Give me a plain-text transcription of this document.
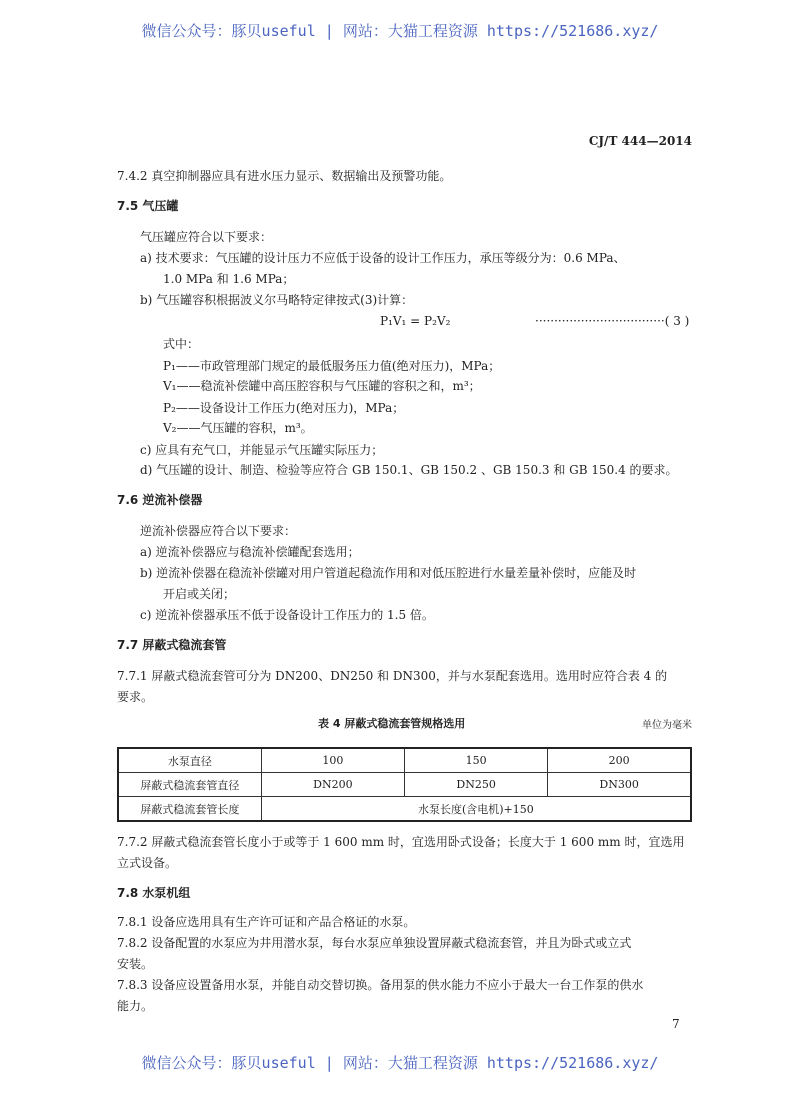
微信公众号：豚贝useful | 网站：大猫工程资源 https://521686.xyz/
CJ/T 444—2014
7.4.2 真空抑制器应具有进水压力显示、数据输出及预警功能。
7.5 气压罐
气压罐应符合以下要求：
a) 技术要求：气压罐的设计压力不应低于设备的设计工作压力，承压等级分为：0.6 MPa、
1.0 MPa 和 1.6 MPa；
b) 气压罐容积根据波义尔马略特定律按式(3)计算：
P₁V₁ = P₂V₂	··································( 3 )
式中：
P₁——市政管理部门规定的最低服务压力值(绝对压力)，MPa；
V₁——稳流补偿罐中高压腔容积与气压罐的容积之和，m³；
P₂——设备设计工作压力(绝对压力)，MPa；
V₂——气压罐的容积，m³。
c) 应具有充气口，并能显示气压罐实际压力；
d) 气压罐的设计、制造、检验等应符合 GB 150.1、GB 150.2 、GB 150.3 和 GB 150.4 的要求。
7.6 逆流补偿器
逆流补偿器应符合以下要求：
a) 逆流补偿器应与稳流补偿罐配套选用；
b) 逆流补偿器在稳流补偿罐对用户管道起稳流作用和对低压腔进行水量差量补偿时，应能及时
开启或关闭；
c) 逆流补偿器承压不低于设备设计工作压力的 1.5 倍。
7.7 屏蔽式稳流套管
7.7.1 屏蔽式稳流套管可分为 DN200、DN250 和 DN300，并与水泵配套选用。选用时应符合表 4 的
要求。
7.7.2 屏蔽式稳流套管长度小于或等于 1 600 mm 时，宜选用卧式设备；长度大于 1 600 mm 时，宜选用
立式设备。
7.8 水泵机组
7.8.1 设备应选用具有生产许可证和产品合格证的水泵。
7.8.2 设备配置的水泵应为井用潜水泵，每台水泵应单独设置屏蔽式稳流套管，并且为卧式或立式
安装。
7.8.3 设备应设置备用水泵，并能自动交替切换。备用泵的供水能力不应小于最大一台工作泵的供水
能力。
表 4 屏蔽式稳流套管规格选用	单位为毫米
水泵直径	100	150	200
屏蔽式稳流套管直径	DN200	DN250	DN300
屏蔽式稳流套管长度	水泵长度(含电机)+150		
7
微信公众号：豚贝useful | 网站：大猫工程资源 https://521686.xyz/
